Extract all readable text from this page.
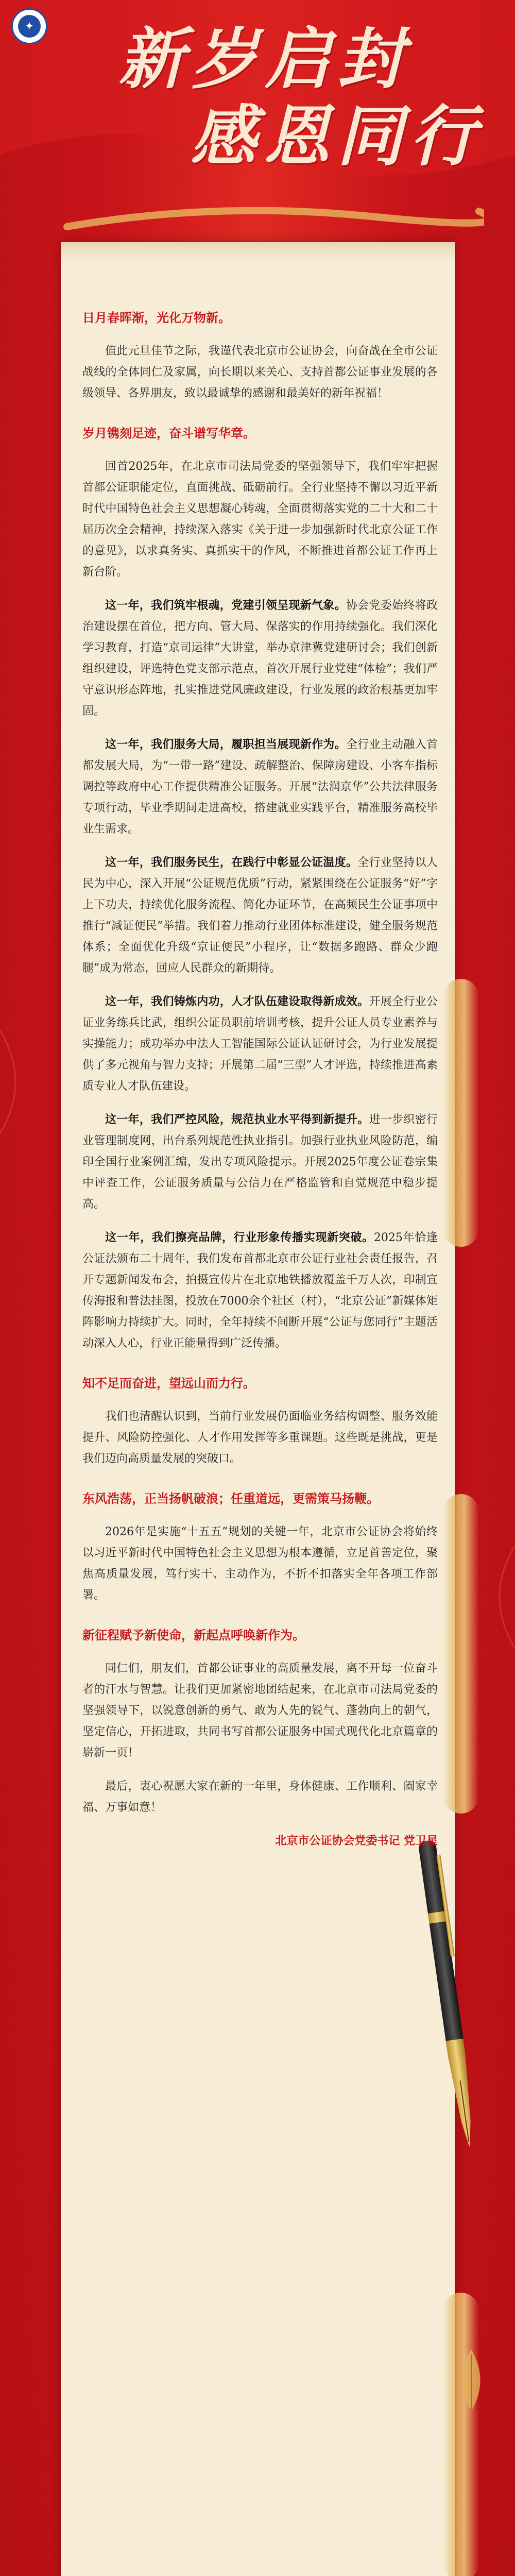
✦	新岁启封
感恩同行
日月春晖渐，光化万物新。

值此元旦佳节之际，我谨代表北京市公证协会，向奋战在全市公证战线的全体同仁及家属，向长期以来关心、支持首都公证事业发展的各级领导、各界朋友，致以最诚挚的感谢和最美好的新年祝福！

岁月镌刻足迹，奋斗谱写华章。

回首2025年，在北京市司法局党委的坚强领导下，我们牢牢把握首都公证职能定位，直面挑战、砥砺前行。全行业坚持不懈以习近平新时代中国特色社会主义思想凝心铸魂，全面贯彻落实党的二十大和二十届历次全会精神，持续深入落实《关于进一步加强新时代北京公证工作的意见》，以求真务实、真抓实干的作风，不断推进首都公证工作再上新台阶。

这一年，我们筑牢根魂，党建引领呈现新气象。协会党委始终将政治建设摆在首位，把方向、管大局、保落实的作用持续强化。我们深化学习教育，打造“京司运律”大讲堂，举办京津冀党建研讨会；我们创新组织建设，评选特色党支部示范点，首次开展行业党建“体检”；我们严守意识形态阵地，扎实推进党风廉政建设，行业发展的政治根基更加牢固。

这一年，我们服务大局，履职担当展现新作为。全行业主动融入首都发展大局，为“一带一路”建设、疏解整治、保障房建设、小客车指标调控等政府中心工作提供精准公证服务。开展“法润京华”公共法律服务专项行动，毕业季期间走进高校，搭建就业实践平台，精准服务高校毕业生需求。

这一年，我们服务民生，在践行中彰显公证温度。全行业坚持以人民为中心，深入开展“公证规范优质”行动，紧紧围绕在公证服务“好”字上下功夫，持续优化服务流程、简化办证环节，在高频民生公证事项中推行“减证便民”举措。我们着力推动行业团体标准建设，健全服务规范体系；全面优化升级“京证便民”小程序，让“数据多跑路、群众少跑腿”成为常态，回应人民群众的新期待。

这一年，我们铸炼内功，人才队伍建设取得新成效。开展全行业公证业务练兵比武，组织公证员职前培训考核，提升公证人员专业素养与实操能力；成功举办中法人工智能国际公证认证研讨会，为行业发展提供了多元视角与智力支持；开展第二届“三型”人才评选，持续推进高素质专业人才队伍建设。

这一年，我们严控风险，规范执业水平得到新提升。进一步织密行业管理制度网，出台系列规范性执业指引。加强行业执业风险防范，编印全国行业案例汇编，发出专项风险提示。开展2025年度公证卷宗集中评查工作，公证服务质量与公信力在严格监管和自觉规范中稳步提高。

这一年，我们擦亮品牌，行业形象传播实现新突破。2025年恰逢公证法颁布二十周年，我们发布首都北京市公证行业社会责任报告，召开专题新闻发布会，拍摄宣传片在北京地铁播放覆盖千万人次，印制宣传海报和普法挂图，投放在7000余个社区（村），“北京公证”新媒体矩阵影响力持续扩大。同时，全年持续不间断开展“公证与您同行”主题活动深入人心，行业正能量得到广泛传播。

知不足而奋进，望远山而力行。

我们也清醒认识到，当前行业发展仍面临业务结构调整、服务效能提升、风险防控强化、人才作用发挥等多重课题。这些既是挑战，更是我们迈向高质量发展的突破口。

东风浩荡，正当扬帆破浪；任重道远，更需策马扬鞭。

2026年是实施“十五五”规划的关键一年，北京市公证协会将始终以习近平新时代中国特色社会主义思想为根本遵循，立足首善定位，聚焦高质量发展，笃行实干、主动作为，不折不扣落实全年各项工作部署。

新征程赋予新使命，新起点呼唤新作为。

同仁们，朋友们，首都公证事业的高质量发展，离不开每一位奋斗者的汗水与智慧。让我们更加紧密地团结起来，在北京市司法局党委的坚强领导下，以锐意创新的勇气、敢为人先的锐气、蓬勃向上的朝气，坚定信心，开拓进取，共同书写首都公证服务中国式现代化北京篇章的崭新一页！

最后，衷心祝愿大家在新的一年里，身体健康、工作顺利、阖家幸福、万事如意！

北京市公证协会党委书记 党卫星
